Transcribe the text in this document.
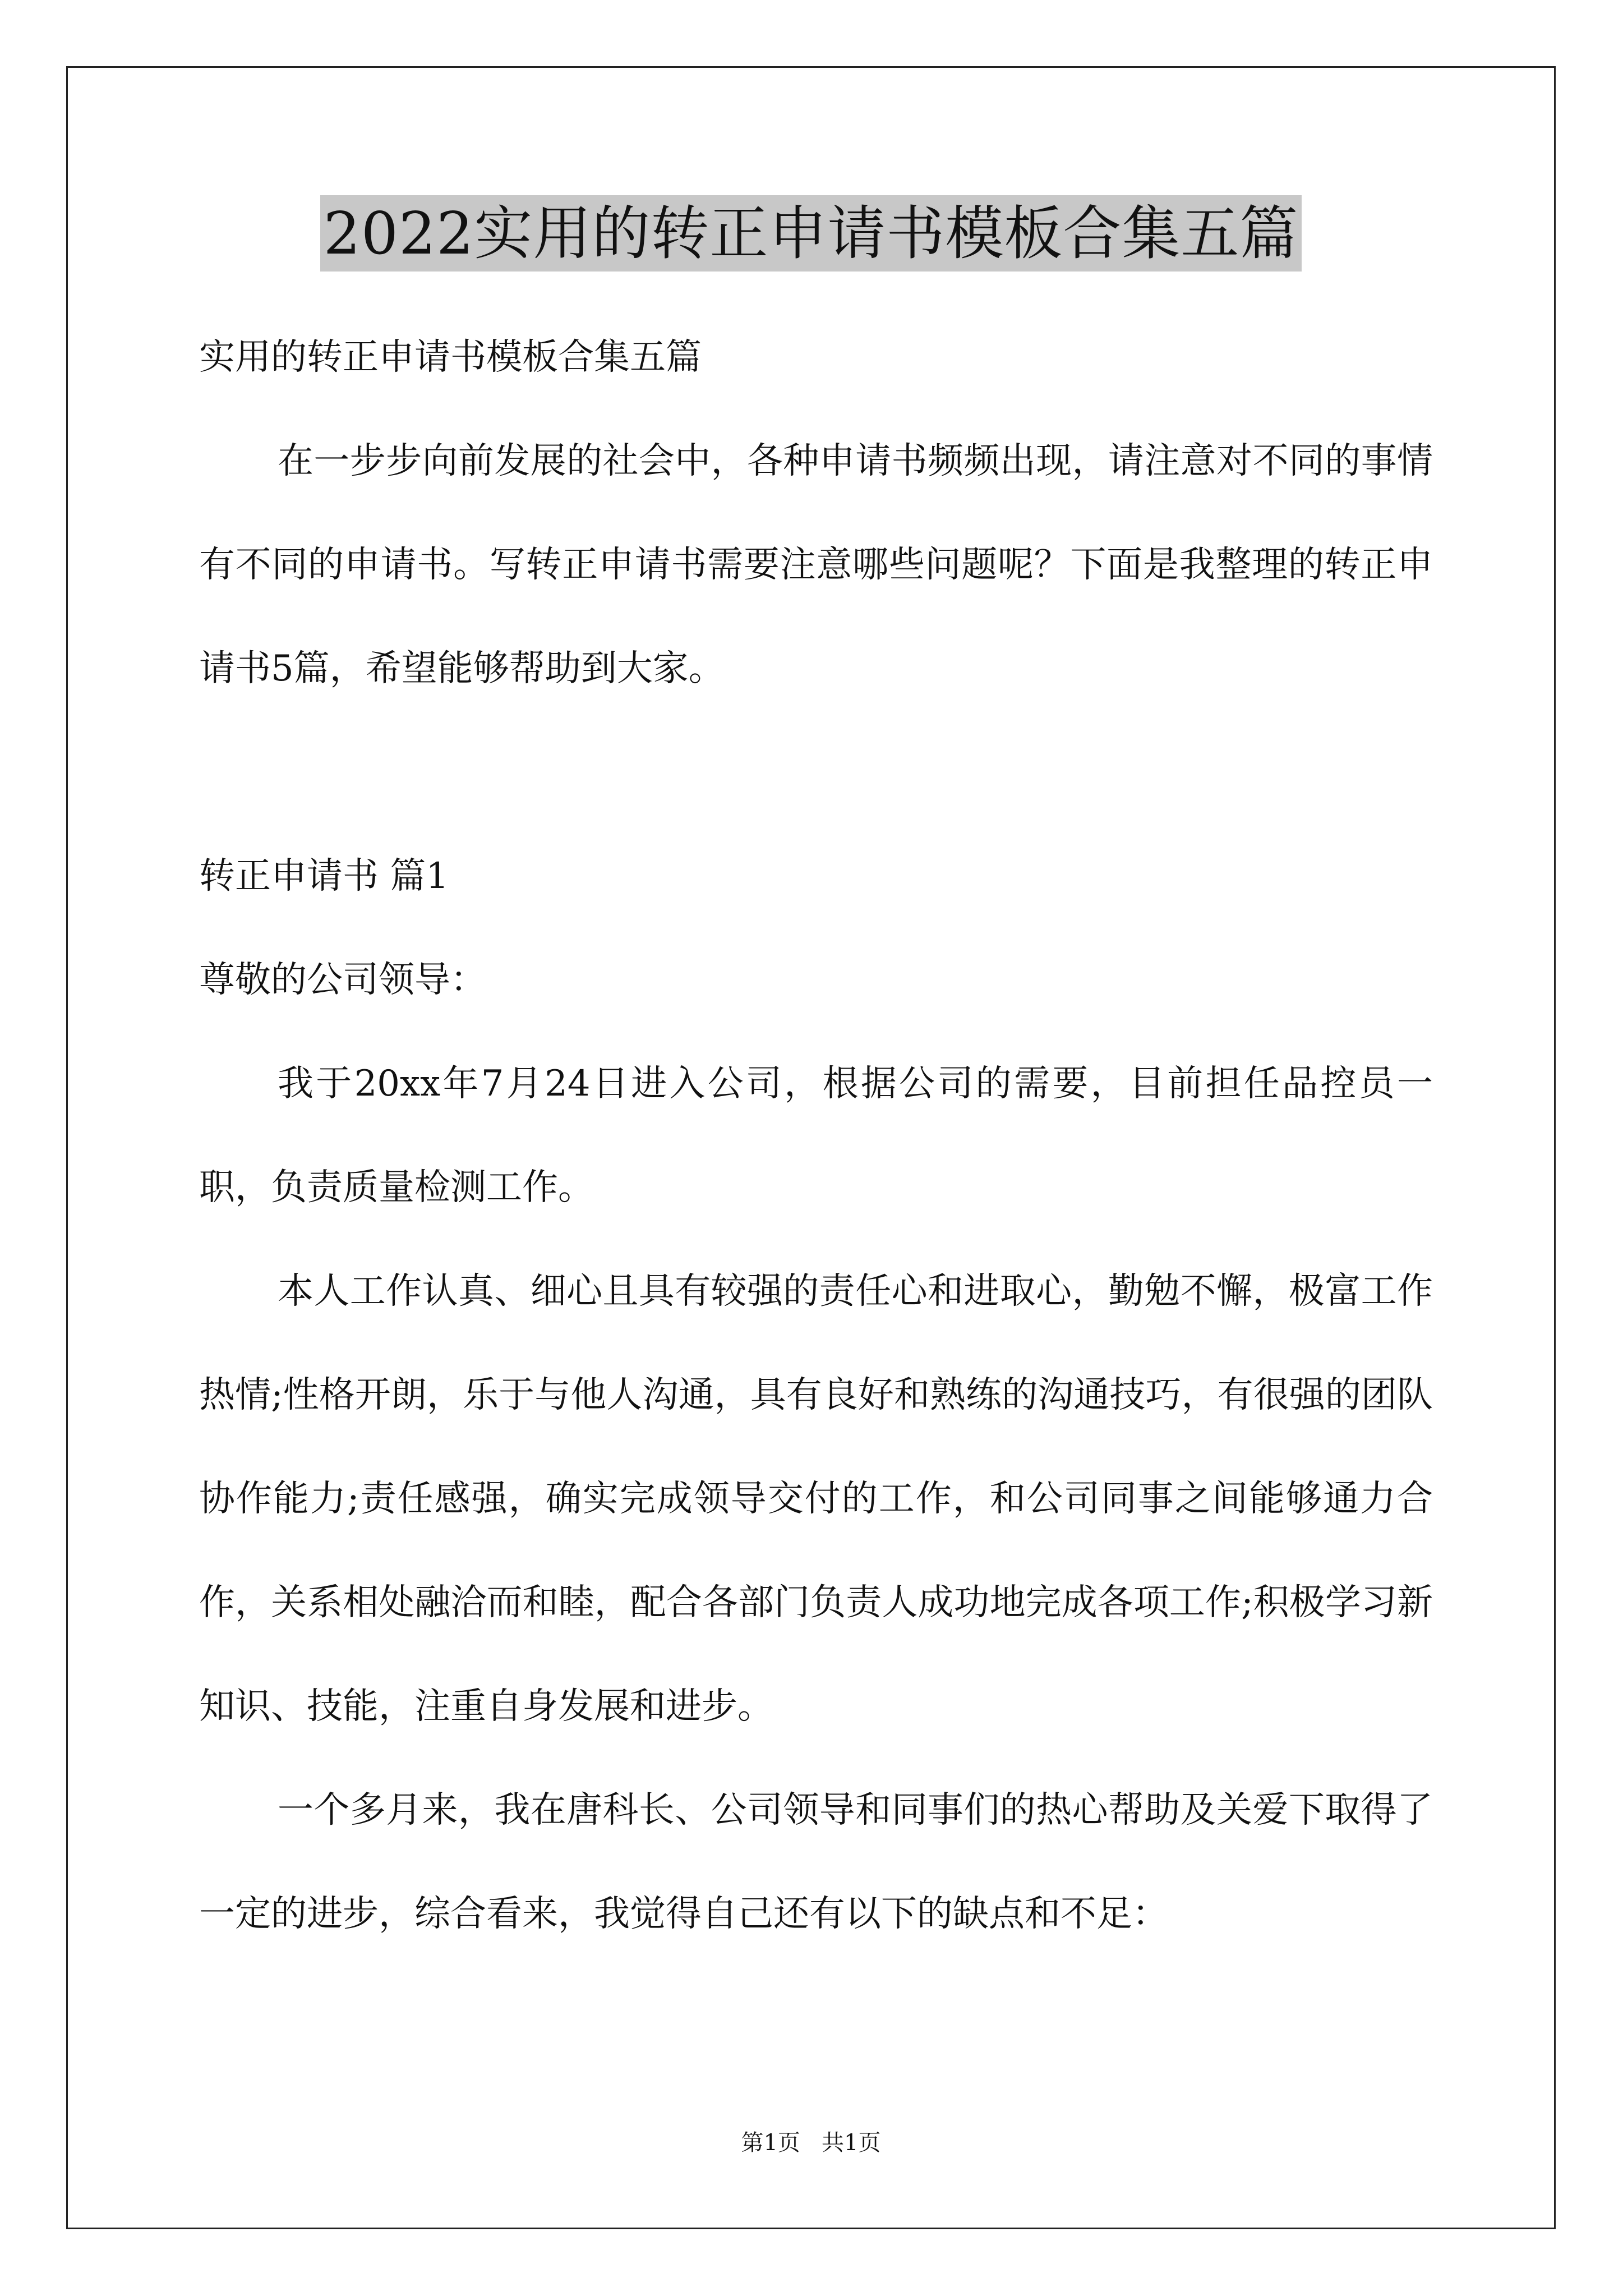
2022实用的转正申请书模板合集五篇

实用的转正申请书模板合集五篇

在一步步向前发展的社会中，各种申请书频频出现，请注意对不同的事情有不同的申请书。写转正申请书需要注意哪些问题呢？下面是我整理的转正申请书5篇，希望能够帮助到大家。

转正申请书 篇1

尊敬的公司领导：

我于20xx年7月24日进入公司，根据公司的需要，目前担任品控员一职，负责质量检测工作。

本人工作认真、细心且具有较强的责任心和进取心，勤勉不懈，极富工作热情;性格开朗，乐于与他人沟通，具有良好和熟练的沟通技巧，有很强的团队协作能力;责任感强，确实完成领导交付的工作，和公司同事之间能够通力合作，关系相处融洽而和睦，配合各部门负责人成功地完成各项工作;积极学习新知识、技能，注重自身发展和进步。

一个多月来，我在唐科长、公司领导和同事们的热心帮助及关爱下取得了一定的进步，综合看来，我觉得自己还有以下的缺点和不足：

第1页   共1页
